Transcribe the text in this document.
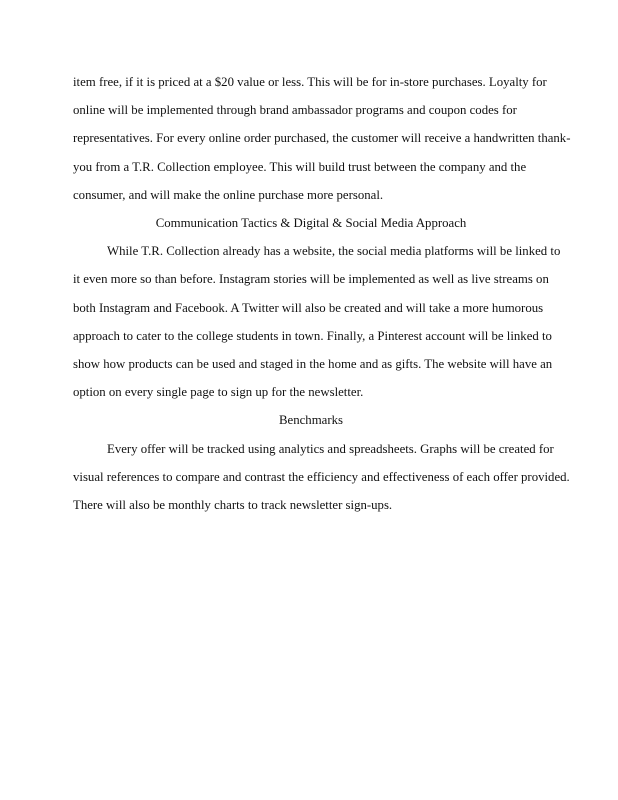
item free, if it is priced at a $20 value or less. This will be for in-store purchases. Loyalty for
online will be implemented through brand ambassador programs and coupon codes for
representatives. For every online order purchased, the customer will receive a handwritten thank-
you from a T.R. Collection employee. This will build trust between the company and the
consumer, and will make the online purchase more personal.
Communication Tactics & Digital & Social Media Approach
While T.R. Collection already has a website, the social media platforms will be linked to
it even more so than before. Instagram stories will be implemented as well as live streams on
both Instagram and Facebook. A Twitter will also be created and will take a more humorous
approach to cater to the college students in town. Finally, a Pinterest account will be linked to
show how products can be used and staged in the home and as gifts. The website will have an
option on every single page to sign up for the newsletter.
Benchmarks
Every offer will be tracked using analytics and spreadsheets. Graphs will be created for
visual references to compare and contrast the efficiency and effectiveness of each offer provided.
There will also be monthly charts to track newsletter sign-ups.
